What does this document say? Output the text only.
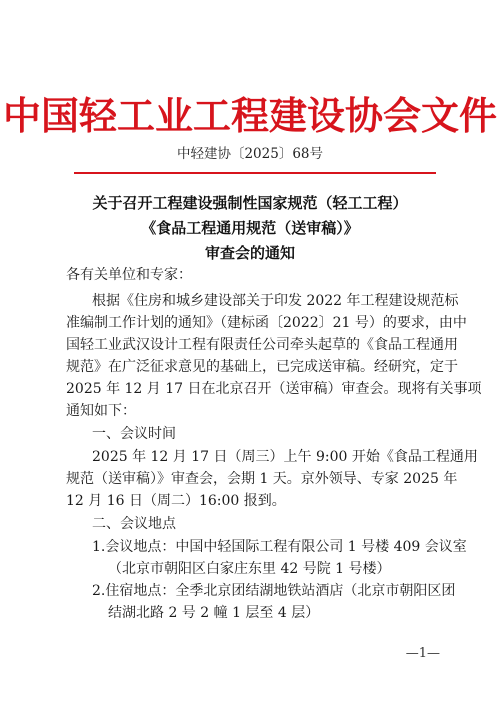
中国轻工业工程建设协会文件
中轻建协〔2025〕68号
关于召开工程建设强制性国家规范（轻工工程）
《食品工程通用规范（送审稿）》
审查会的通知
各有关单位和专家：
根据《住房和城乡建设部关于印发 2022 年工程建设规范标
准编制工作计划的通知》（建标函〔2022〕21 号）的要求，由中
国轻工业武汉设计工程有限责任公司牵头起草的《食品工程通用
规范》在广泛征求意见的基础上，已完成送审稿。经研究，定于
2025 年 12 月 17 日在北京召开（送审稿）审查会。现将有关事项
通知如下：
一、会议时间
2025 年 12 月 17 日（周三）上午 9:00 开始《食品工程通用
规范（送审稿）》审查会，会期 1 天。京外领导、专家 2025 年
12 月 16 日（周二）16:00 报到。
二、会议地点
1.会议地点：中国中轻国际工程有限公司 1 号楼 409 会议室
（北京市朝阳区白家庄东里 42 号院 1 号楼）
2.住宿地点：全季北京团结湖地铁站酒店（北京市朝阳区团
结湖北路 2 号 2 幢 1 层至 4 层）
—1—
